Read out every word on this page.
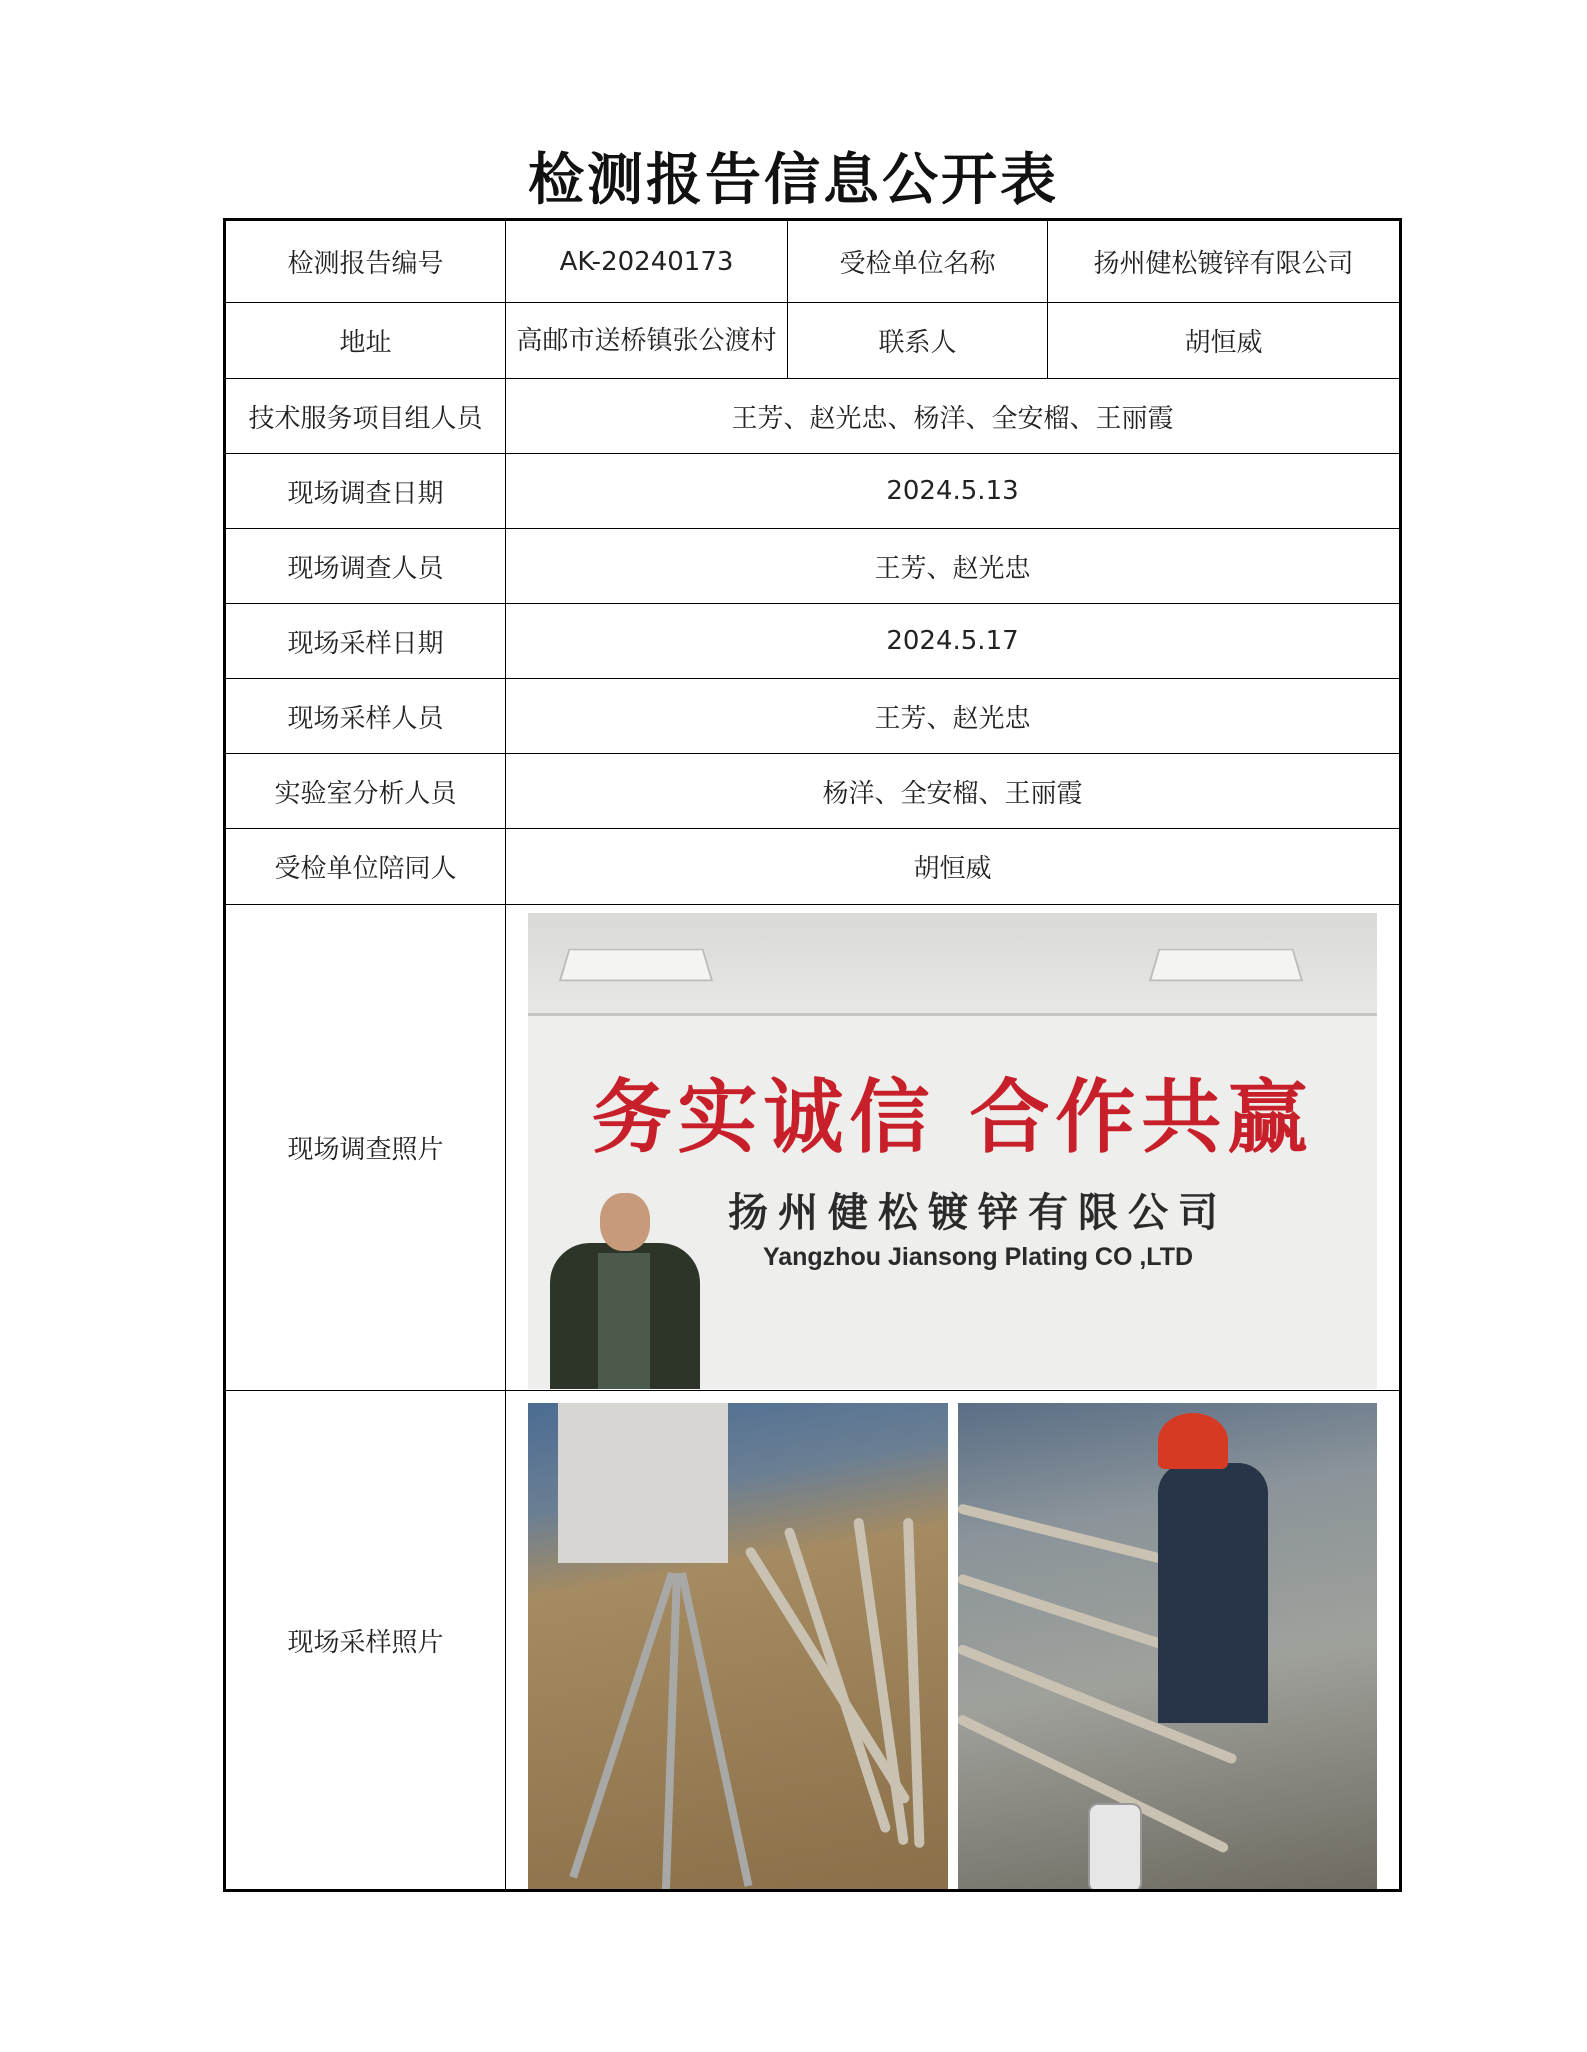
检测报告信息公开表
检测报告编号	AK-20240173	受检单位名称	扬州健松镀锌有限公司
地址	高邮市送桥镇张公渡村	联系人	胡恒威
技术服务项目组人员	王芳、赵光忠、杨洋、全安榴、王丽霞		
现场调查日期	2024.5.13		
现场调查人员	王芳、赵光忠		
现场采样日期	2024.5.17		
现场采样人员	王芳、赵光忠		
实验室分析人员	杨洋、全安榴、王丽霞		
受检单位陪同人	胡恒威		
现场调查照片	务实诚信 合作共赢
扬州健松镀锌有限公司
Yangzhou Jiansong Plating CO ,LTD		

现场采样照片			
